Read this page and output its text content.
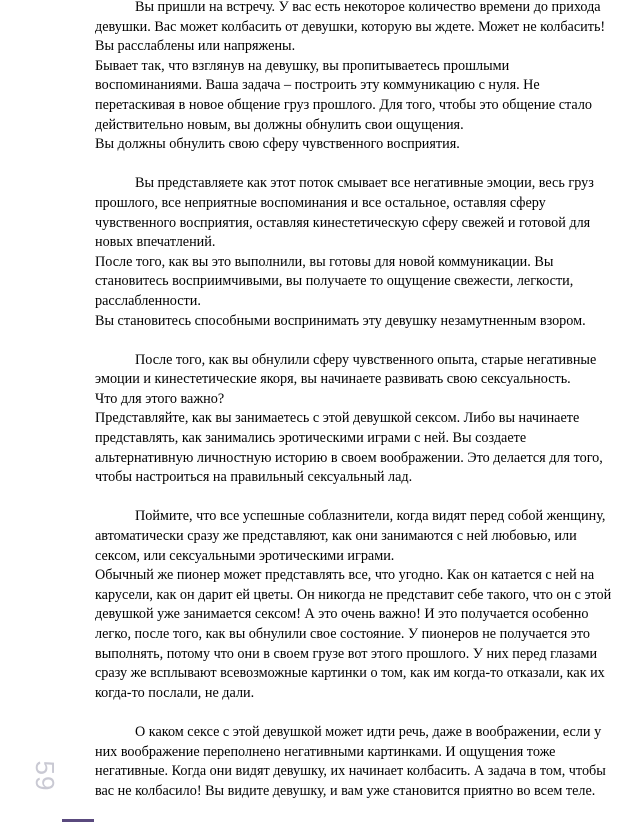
Вы пришли на встречу. У вас есть некоторое количество времени до прихода девушки. Вас может колбасить от девушки, которую вы ждете. Может не колбасить! Вы расслаблены или напряжены.

Бывает так, что взглянув на девушку, вы пропитываетесь прошлыми воспоминаниями. Ваша задача – построить эту коммуникацию с нуля. Не перетаскивая в новое общение груз прошлого. Для того, чтобы это общение стало действительно новым, вы должны обнулить свои ощущения.

Вы должны обнулить свою сферу чувственного восприятия.

Вы представляете как этот поток смывает все негативные эмоции, весь груз прошлого, все неприятные воспоминания и все остальное, оставляя сферу чувственного восприятия, оставляя кинестетическую сферу свежей и готовой для новых впечатлений.

После того, как вы это выполнили, вы готовы для новой коммуникации. Вы становитесь восприимчивыми, вы получаете то ощущение свежести, легкости, расслабленности.

Вы становитесь способными воспринимать эту девушку незамутненным взором.

После того, как вы обнулили сферу чувственного опыта, старые негативные эмоции и кинестетические якоря, вы начинаете развивать свою сексуальность.

Что для этого важно?

Представляйте, как вы занимаетесь с этой девушкой сексом. Либо вы начинаете представлять, как занимались эротическими играми с ней. Вы создаете альтернативную личностную историю в своем воображении. Это делается для того, чтобы настроиться на правильный сексуальный лад.

Поймите, что все успешные соблазнители, когда видят перед собой женщину, автоматически сразу же представляют, как они занимаются с ней любовью, или сексом, или сексуальными эротическими играми.

Обычный же пионер может представлять все, что угодно. Как он катается с ней на карусели, как он дарит ей цветы. Он никогда не представит себе такого, что он с этой девушкой уже занимается сексом! А это очень важно! И это получается особенно легко, после того, как вы обнулили свое состояние. У пионеров не получается это выполнять, потому что они в своем грузе вот этого прошлого. У них перед глазами сразу же всплывают всевозможные картинки о том, как им когда-то отказали, как их когда-то послали, не дали.

О каком сексе с этой девушкой может идти речь, даже в воображении, если у них воображение переполнено негативными картинками. И ощущения тоже негативные. Когда они видят девушку, их начинает колбасить. А задача в том, чтобы вас не колбасило! Вы видите девушку, и вам уже становится приятно во всем теле.

59
